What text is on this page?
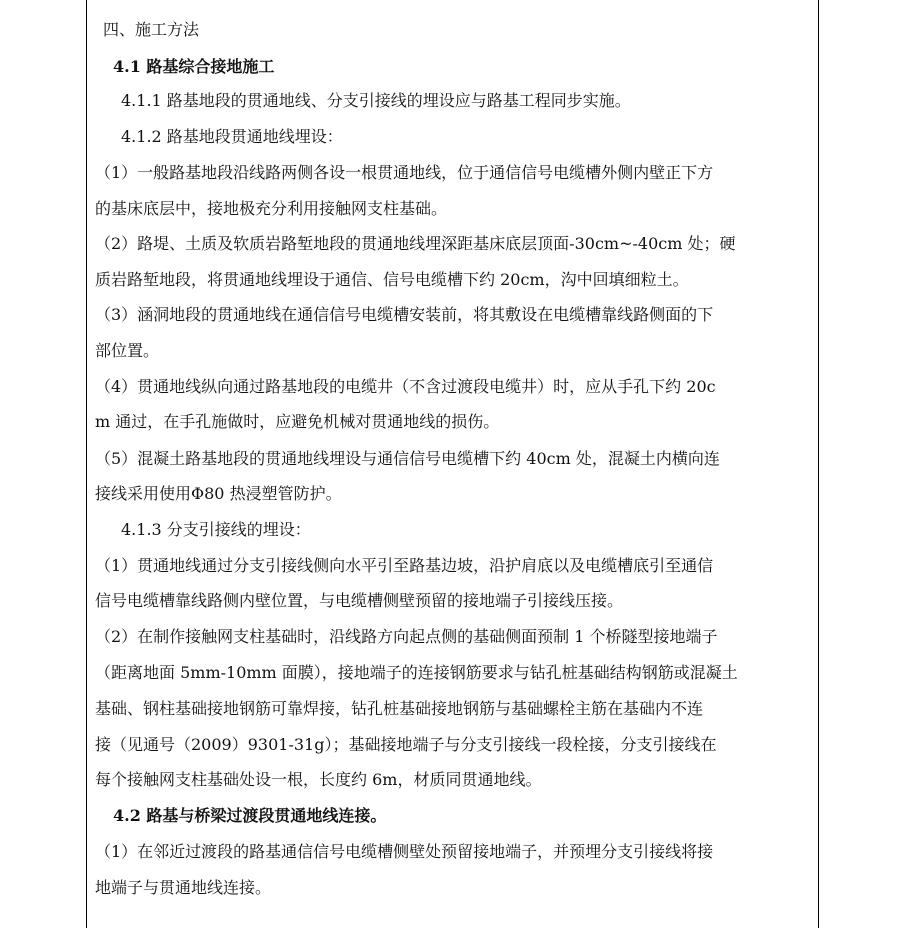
四、施工方法
4.1 路基综合接地施工
4.1.1 路基地段的贯通地线、分支引接线的埋设应与路基工程同步实施。
4.1.2 路基地段贯通地线埋设：
（1）一般路基地段沿线路两侧各设一根贯通地线，位于通信信号电缆槽外侧内壁正下方
的基床底层中，接地极充分利用接触网支柱基础。
（2）路堤、土质及软质岩路堑地段的贯通地线埋深距基床底层顶面-30cm~-40cm 处；硬
质岩路堑地段，将贯通地线埋设于通信、信号电缆槽下约 20cm，沟中回填细粒土。
（3）涵洞地段的贯通地线在通信信号电缆槽安装前，将其敷设在电缆槽靠线路侧面的下
部位置。
（4）贯通地线纵向通过路基地段的电缆井（不含过渡段电缆井）时，应从手孔下约 20c
m 通过，在手孔施做时，应避免机械对贯通地线的损伤。
（5）混凝土路基地段的贯通地线埋设与通信信号电缆槽下约 40cm 处，混凝土内横向连
接线采用使用Φ80 热浸塑管防护。
4.1.3 分支引接线的埋设：
（1）贯通地线通过分支引接线侧向水平引至路基边坡，沿护肩底以及电缆槽底引至通信
信号电缆槽靠线路侧内壁位置，与电缆槽侧壁预留的接地端子引接线压接。
（2）在制作接触网支柱基础时，沿线路方向起点侧的基础侧面预制 1 个桥隧型接地端子
（距离地面 5mm-10mm 面膜），接地端子的连接钢筋要求与钻孔桩基础结构钢筋或混凝土
基础、钢柱基础接地钢筋可靠焊接，钻孔桩基础接地钢筋与基础螺栓主筋在基础内不连
接（见通号（2009）9301-31g）；基础接地端子与分支引接线一段栓接，分支引接线在
每个接触网支柱基础处设一根，长度约 6m，材质同贯通地线。
4.2 路基与桥梁过渡段贯通地线连接。
（1）在邻近过渡段的路基通信信号电缆槽侧壁处预留接地端子，并预埋分支引接线将接
地端子与贯通地线连接。
